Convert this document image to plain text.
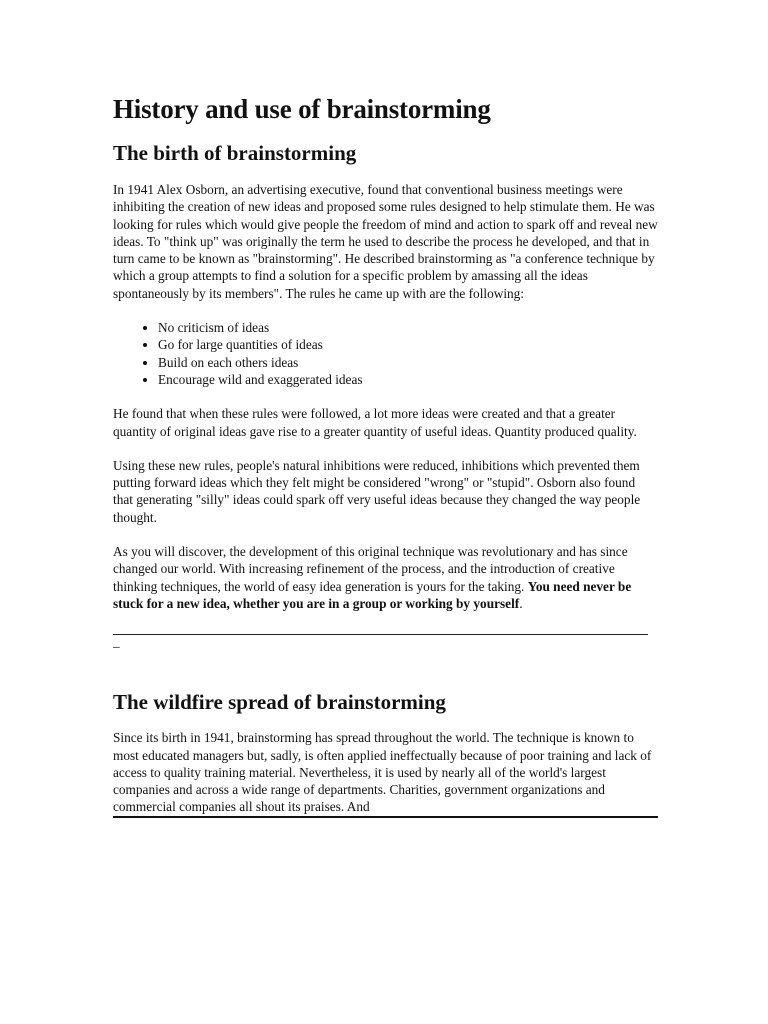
History and use of brainstorming
The birth of brainstorming

In 1941 Alex Osborn, an advertising executive, found that conventional business meetings were inhibiting the creation of new ideas and proposed some rules designed to help stimulate them. He was looking for rules which would give people the freedom of mind and action to spark off and reveal new ideas. To "think up" was originally the term he used to describe the process he developed, and that in turn came to be known as "brainstorming". He described brainstorming as "a conference technique by which a group attempts to find a solution for a specific problem by amassing all the ideas spontaneously by its members". The rules he came up with are the following:

• No criticism of ideas
• Go for large quantities of ideas
• Build on each others ideas
• Encourage wild and exaggerated ideas

He found that when these rules were followed, a lot more ideas were created and that a greater quantity of original ideas gave rise to a greater quantity of useful ideas. Quantity produced quality.

Using these new rules, people's natural inhibitions were reduced, inhibitions which prevented them putting forward ideas which they felt might be considered "wrong" or "stupid". Osborn also found that generating "silly" ideas could spark off very useful ideas because they changed the way people thought.

As you will discover, the development of this original technique was revolutionary and has since changed our world. With increasing refinement of the process, and the introduction of creative thinking techniques, the world of easy idea generation is yours for the taking. You need never be stuck for a new idea, whether you are in a group or working by yourself.

_

The wildfire spread of brainstorming

Since its birth in 1941, brainstorming has spread throughout the world. The technique is known to most educated managers but, sadly, is often applied ineffectually because of poor training and lack of access to quality training material. Nevertheless, it is used by nearly all of the world's largest companies and across a wide range of departments. Charities, government organizations and commercial companies all shout its praises. And
